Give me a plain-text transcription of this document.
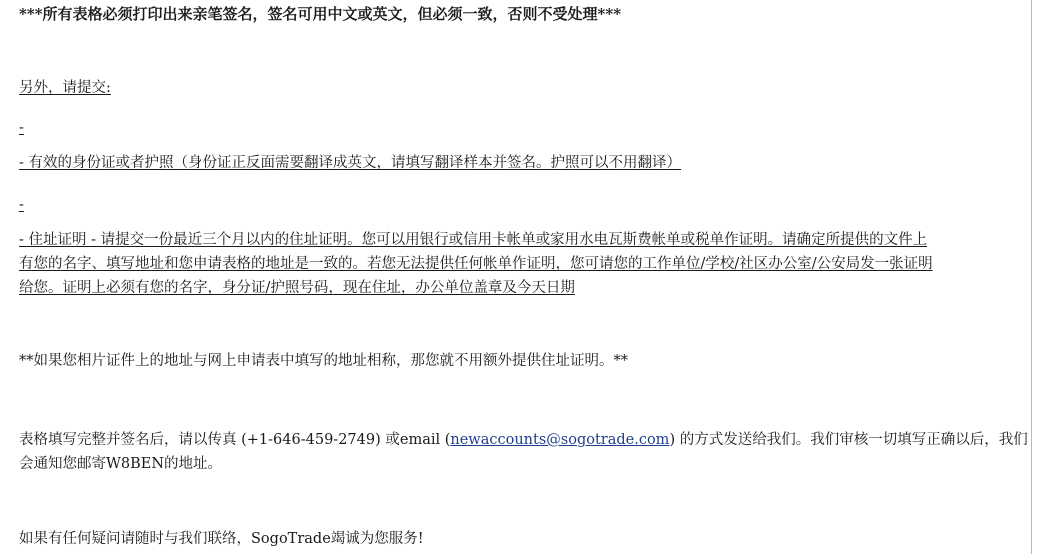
***所有表格必须打印出来亲笔签名，签名可用中文或英文，但必须一致，否则不受处理***
另外，请提交:
-
- 有效的身份证或者护照（身份证正反面需要翻译成英文，请填写翻译样本并签名。护照可以不用翻译）
-
- 住址证明 - 请提交一份最近三个月以内的住址证明。您可以用银行或信用卡帐单或家用水电瓦斯费帐单或税单作证明。请确定所提供的文件上
有您的名字、填写地址和您申请表格的地址是一致的。若您无法提供任何帐单作证明，您可请您的工作单位/学校/社区办公室/公安局发一张证明
给您。证明上必须有您的名字，身分证/护照号码，现在住址，办公单位盖章及今天日期
**如果您相片证件上的地址与网上申请表中填写的地址相称，那您就不用额外提供住址证明。**
表格填写完整并签名后，请以传真 (+1-646-459-2749) 或email (newaccounts@sogotrade.com) 的方式发送给我们。我们审核一切填写正确以后，我们
会通知您邮寄W8BEN的地址。
如果有任何疑问请随时与我们联络，SogoTrade竭诚为您服务!
